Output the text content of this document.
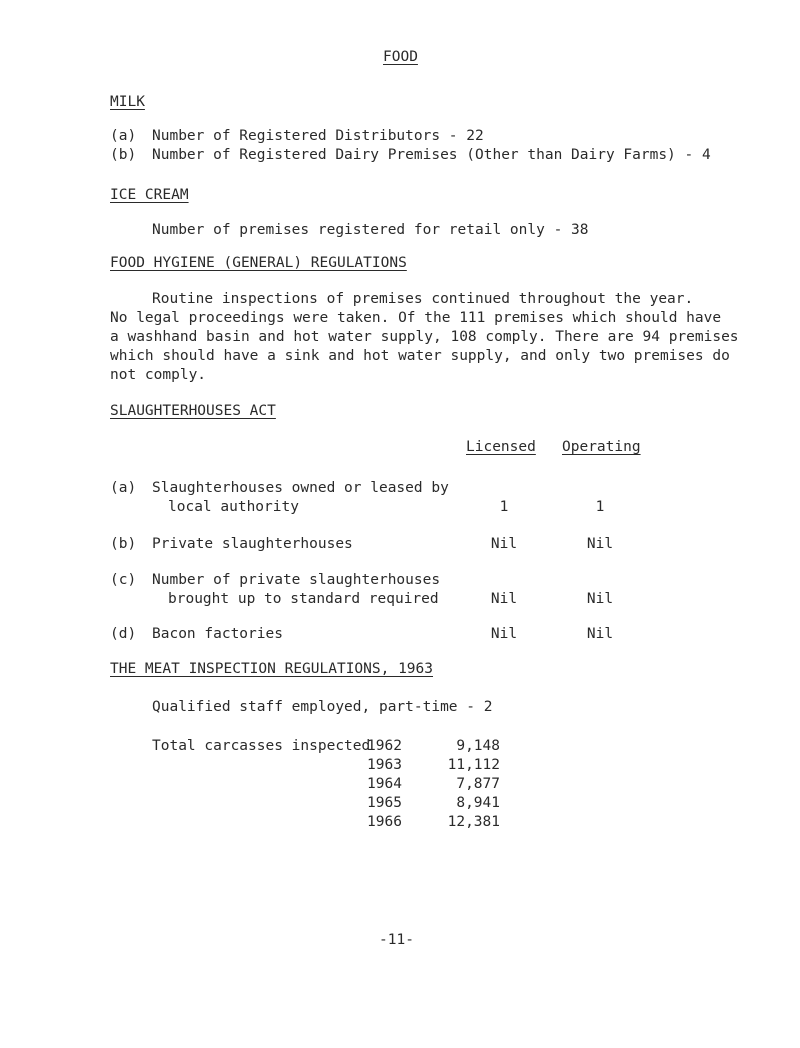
FOOD
MILK
(a) Number of Registered Distributors - 22
(b) Number of Registered Dairy Premises (Other than Dairy Farms) - 4
ICE CREAM
Number of premises registered for retail only - 38
FOOD HYGIENE (GENERAL) REGULATIONS
Routine inspections of premises continued throughout the year.
No legal proceedings were taken. Of the 111 premises which should have
a washhand basin and hot water supply, 108 comply. There are 94 premises
which should have a sink and hot water supply, and only two premises do
not comply.
SLAUGHTERHOUSES ACT
Licensed Operating
(a) Slaughterhouses owned or leased by
local authority	1	1
(b) Private slaughterhouses	Nil	Nil
(c) Number of private slaughterhouses
brought up to standard required	Nil	Nil
(d) Bacon factories	Nil	Nil
THE MEAT INSPECTION REGULATIONS, 1963
Qualified staff employed, part-time - 2
Total carcasses inspected
1962	9,148
1963	11,112
1964	7,877
1965	8,941
1966	12,381
-11-
